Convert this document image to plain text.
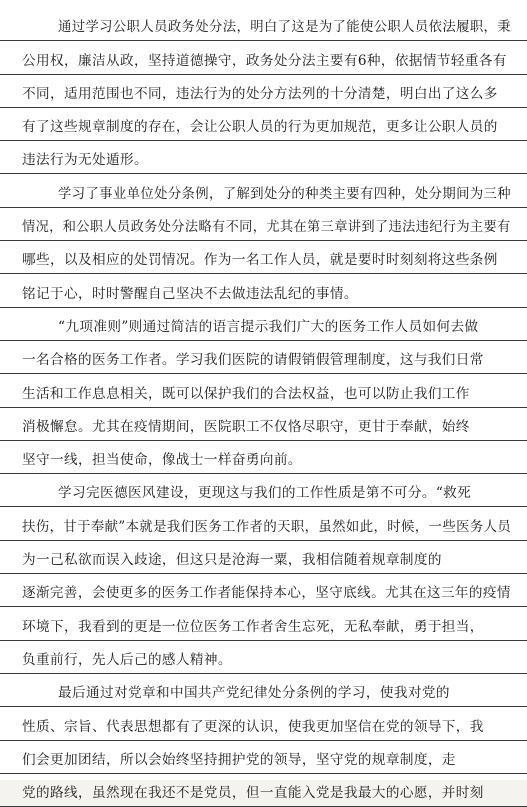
通过学习公职人员政务处分法，明白了这是为了能使公职人员依法履职，秉
公用权，廉洁从政，坚持道德操守，政务处分法主要有6种，依据情节轻重各有
不同，适用范围也不同，违法行为的处分方法列的十分清楚，明白出了这么多
有了这些规章制度的存在，会让公职人员的行为更加规范，更多让公职人员的
违法行为无处遁形。
学习了事业单位处分条例，了解到处分的种类主要有四种，处分期间为三种
情况，和公职人员政务处分法略有不同，尤其在第三章讲到了违法违纪行为主要有
哪些，以及相应的处罚情况。作为一名工作人员，就是要时时刻刻将这些条例
铭记于心，时时警醒自己坚决不去做违法乱纪的事情。
“九项准则”则通过简洁的语言提示我们广大的医务工作人员如何去做
一名合格的医务工作者。学习我们医院的请假销假管理制度，这与我们日常
生活和工作息息相关，既可以保护我们的合法权益，也可以防止我们工作
消极懈怠。尤其在疫情期间，医院职工不仅恪尽职守，更甘于奉献，始终
坚守一线，担当使命，像战士一样奋勇向前。
学习完医德医风建设，更现这与我们的工作性质是第不可分。“救死
扶伤，甘于奉献”本就是我们医务工作者的天职，虽然如此，时候，一些医务人员
为一己私欲而误入歧途，但这只是沧海一粟，我相信随着规章制度的
逐渐完善，会使更多的医务工作者能保持本心，坚守底线。尤其在这三年的疫情
环境下，我看到的更是一位位医务工作者舍生忘死，无私奉献，勇于担当，
负重前行，先人后己的感人精神。
最后通过对党章和中国共产党纪律处分条例的学习，使我对党的
性质、宗旨、代表思想都有了更深的认识，使我更加坚信在党的领导下，我
们会更加团结，所以会始终坚持拥护党的领导，坚守党的规章制度，走
党的路线，虽然现在我还不是党员，但一直能入党是我最大的心愿，并时刻
